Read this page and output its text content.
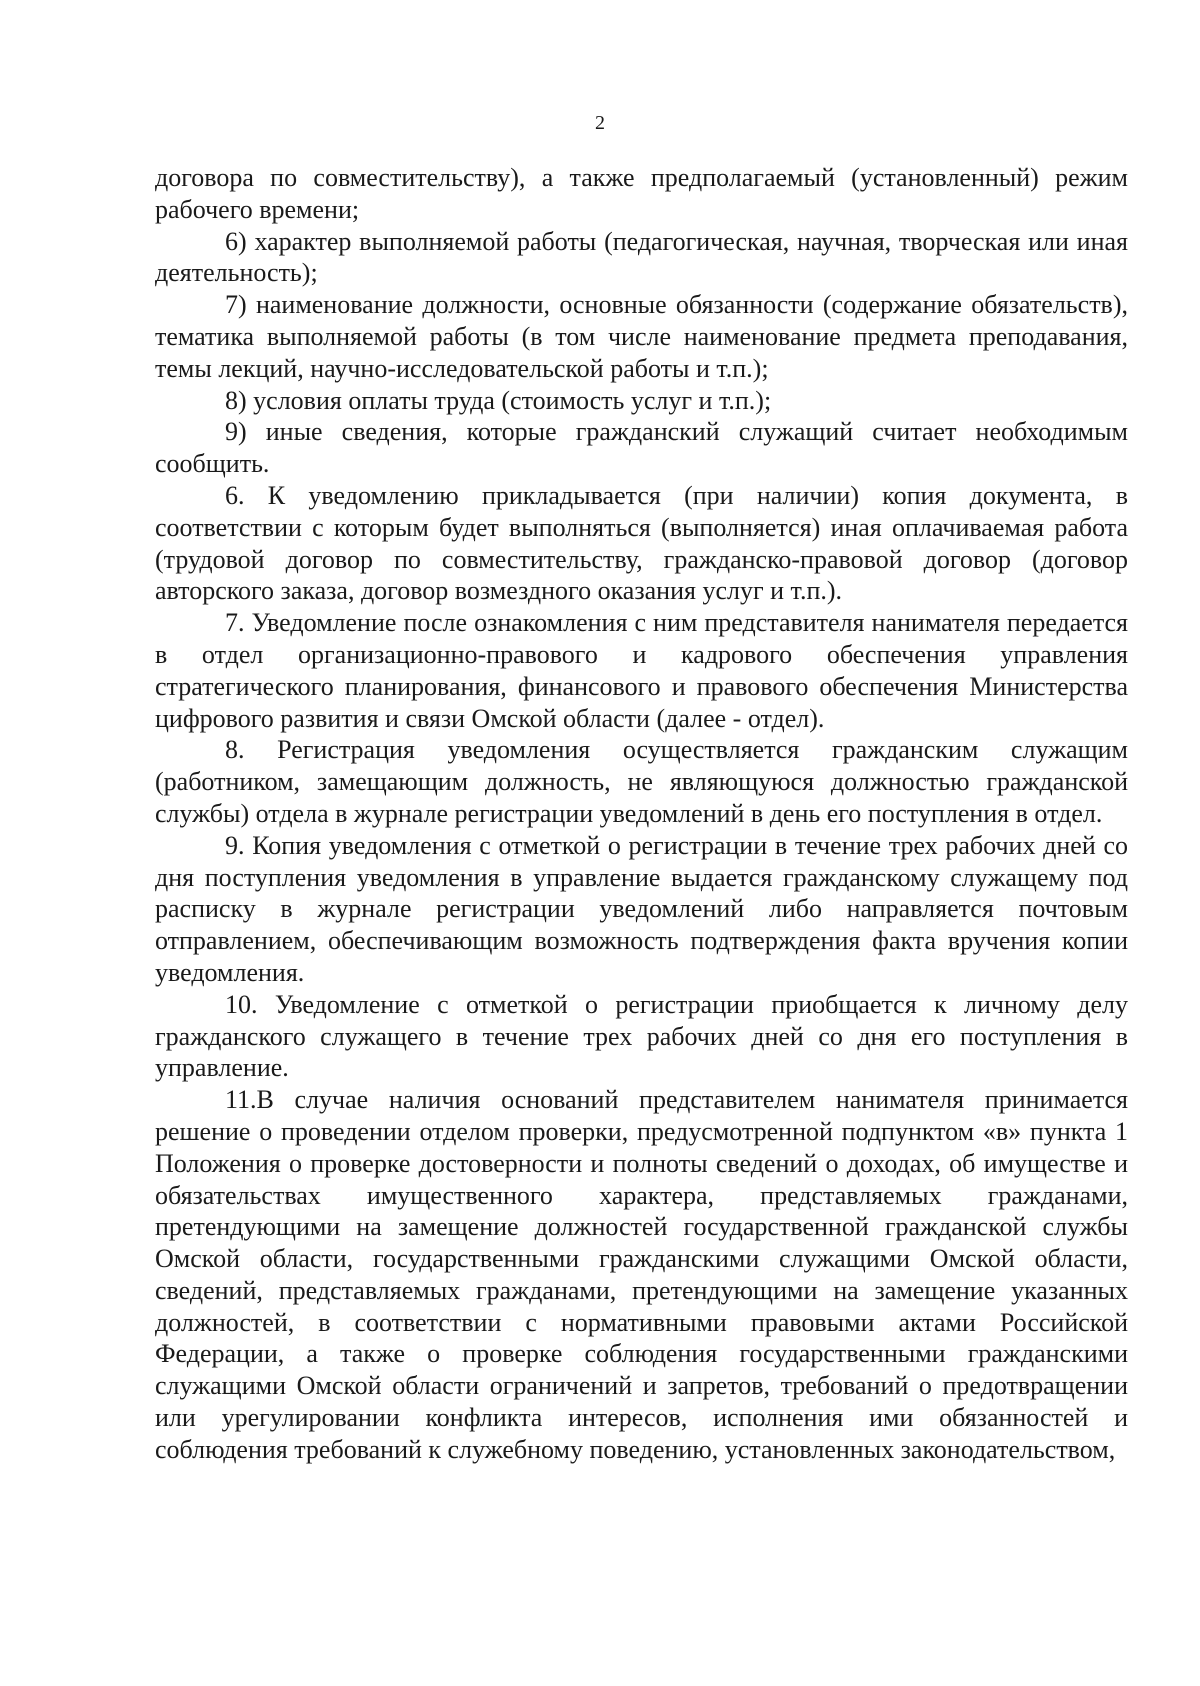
2

договора по совместительству), а также предполагаемый (установленный) режим рабочего времени;

6) характер выполняемой работы (педагогическая, научная, творческая или иная деятельность);

7) наименование должности, основные обязанности (содержание обязательств), тематика выполняемой работы (в том числе наименование предмета преподавания, темы лекций, научно-исследовательской работы и т.п.);

8) условия оплаты труда (стоимость услуг и т.п.);

9) иные сведения, которые гражданский служащий считает необходимым сообщить.

6. К уведомлению прикладывается (при наличии) копия документа, в соответствии с которым будет выполняться (выполняется) иная оплачиваемая работа (трудовой договор по совместительству, гражданско-правовой договор (договор авторского заказа, договор возмездного оказания услуг и т.п.).

7. Уведомление после ознакомления с ним представителя нанимателя передается в отдел организационно-правового и кадрового обеспечения управления стратегического планирования, финансового и правового обеспечения Министерства цифрового развития и связи Омской области (далее - отдел).

8. Регистрация уведомления осуществляется гражданским служащим (работником, замещающим должность, не являющуюся должностью гражданской службы) отдела в журнале регистрации уведомлений в день его поступления в отдел.

9. Копия уведомления с отметкой о регистрации в течение трех рабочих дней со дня поступления уведомления в управление выдается гражданскому служащему под расписку в журнале регистрации уведомлений либо направляется почтовым отправлением, обеспечивающим возможность подтверждения факта вручения копии уведомления.

10. Уведомление с отметкой о регистрации приобщается к личному делу гражданского служащего в течение трех рабочих дней со дня его поступления в управление.

11.В случае наличия оснований представителем нанимателя принимается решение о проведении отделом проверки, предусмотренной подпунктом «в» пункта 1 Положения о проверке достоверности и полноты сведений о доходах, об имуществе и обязательствах имущественного характера, представляемых гражданами, претендующими на замещение должностей государственной гражданской службы Омской области, государственными гражданскими служащими Омской области, сведений, представляемых гражданами, претендующими на замещение указанных должностей, в соответствии с нормативными правовыми актами Российской Федерации, а также о проверке соблюдения государственными гражданскими служащими Омской области ограничений и запретов, требований о предотвращении или урегулировании конфликта интересов, исполнения ими обязанностей и соблюдения требований к служебному поведению, установленных законодательством,
